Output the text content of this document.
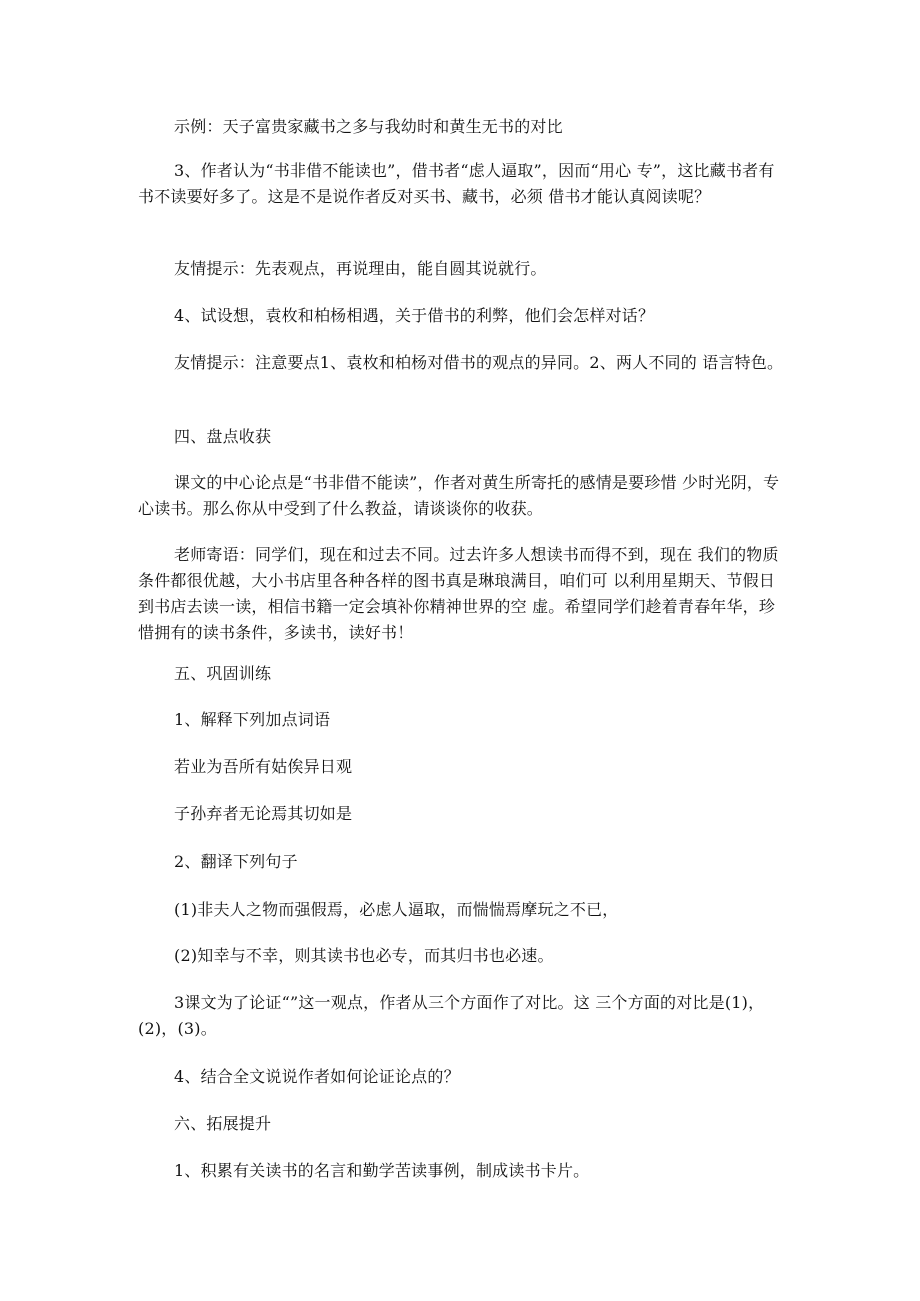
示例：天子富贵家藏书之多与我幼时和黄生无书的对比

3、作者认为“书非借不能读也”，借书者“虑人逼取”，因而“用心 专”，这比藏书者有书不读要好多了。这是不是说作者反对买书、藏书，必须 借书才能认真阅读呢？

友情提示：先表观点，再说理由，能自圆其说就行。

4、试设想，袁枚和柏杨相遇，关于借书的利弊，他们会怎样对话？

友情提示：注意要点1、袁枚和柏杨对借书的观点的异同。2、两人不同的 语言特色。

四、盘点收获

课文的中心论点是“书非借不能读”，作者对黄生所寄托的感情是要珍惜 少时光阴，专心读书。那么你从中受到了什么教益，请谈谈你的收获。

老师寄语：同学们，现在和过去不同。过去许多人想读书而得不到，现在 我们的物质条件都很优越，大小书店里各种各样的图书真是琳琅满目，咱们可 以利用星期天、节假日到书店去读一读，相信书籍一定会填补你精神世界的空 虚。希望同学们趁着青春年华，珍惜拥有的读书条件，多读书，读好书！

五、巩固训练

1、解释下列加点词语

若业为吾所有姑俟异日观

子孙弃者无论焉其切如是

2、翻译下列句子

(1)非夫人之物而强假焉，必虑人逼取，而惴惴焉摩玩之不已，

(2)知幸与不幸，则其读书也必专，而其归书也必速。

3课文为了论证“”这一观点，作者从三个方面作了对比。这 三个方面的对比是(1)，(2)，(3)。

4、结合全文说说作者如何论证论点的？

六、拓展提升

1、积累有关读书的名言和勤学苦读事例，制成读书卡片。
